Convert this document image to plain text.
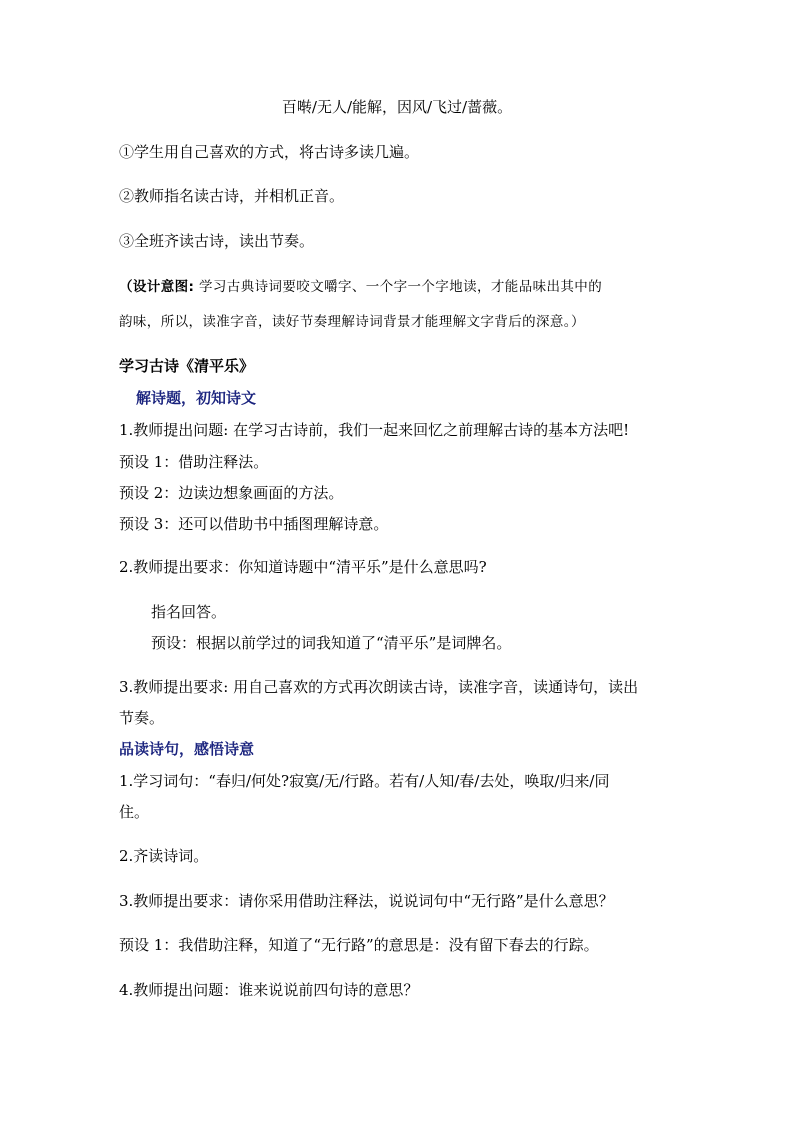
百啭/无人/能解，因风/飞过/蔷薇。
①学生用自己喜欢的方式，将古诗多读几遍。
②教师指名读古诗，并相机正音。
③全班齐读古诗，读出节奏。
（设计意图: 学习古典诗词要咬文嚼字、一个字一个字地读，才能品味出其中的
韵味，所以，读准字音，读好节奏理解诗词背景才能理解文字背后的深意。）
学习古诗《清平乐》
解诗题，初知诗文
1.教师提出问题: 在学习古诗前，我们一起来回忆之前理解古诗的基本方法吧!
预设 1：借助注释法。
预设 2：边读边想象画面的方法。
预设 3：还可以借助书中插图理解诗意。
2.教师提出要求：你知道诗题中“清平乐”是什么意思吗?
指名回答。
预设：根据以前学过的词我知道了“清平乐”是词牌名。
3.教师提出要求: 用自己喜欢的方式再次朗读古诗，读准字音，读通诗句，读出
节奏。
品读诗句，感悟诗意
1.学习词句：“春归/何处?寂寞/无/行路。若有/人知/春/去处，唤取/归来/同
住。
2.齐读诗词。
3.教师提出要求：请你采用借助注释法，说说词句中“无行路”是什么意思？
预设 1：我借助注释，知道了“无行路”的意思是：没有留下春去的行踪。
4.教师提出问题：谁来说说前四句诗的意思？
